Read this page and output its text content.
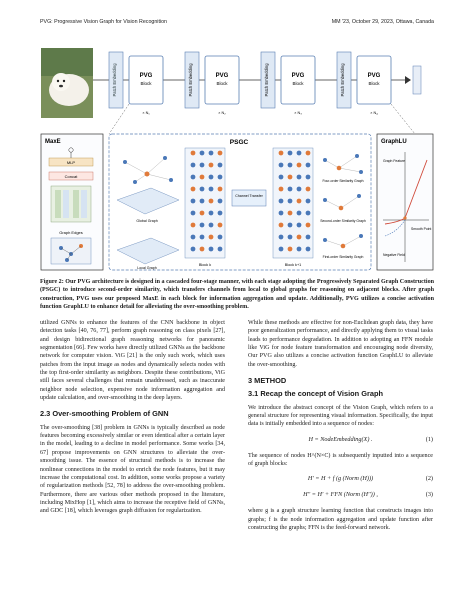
PVG: Progressive Vision Graph for Vision Recognition	MM '23, October 29, 2023, Ottawa, Canada
Patch Embedding	PVG
Block
× N₁
Patch Embedding	PVG
Block
× N₂
Patch Embedding	PVG
Block
× N₃
Patch Embedding	PVG
Block
× N₄
MaxE
MLP
Concat
Graph Edges
PSGC
Global Graph
Local Graph
Channel Transfer
Block k	Block k+1
Four-order Similarity Graph
Second-order Similarity Graph
First-order Similarity Graph
GraphLU
Smooth Point
Graph Feature
Negative Field
Figure 2: Our PVG architecture is designed in a cascaded four-stage manner, with each stage adopting the Progressively Separated Graph Construction (PSGC) to introduce second-order similarity, which transfers channels from local to global graphs for reasoning on adjacent blocks. After graph construction, PVG uses our proposed MaxE in each block for information aggregation and update. Additionally, PVG utilizes a concise activation function GraphLU to enhance detail for alleviating the over-smoothing problem.

utilized GNNs to enhance the features of the CNN backbone in object detection tasks [40, 76, 77], perform graph reasoning on class pixels [27], and design bidirectional graph reasoning networks for panoramic segmentation [66]. Few works have directly utilized GNNs as the backbone network for computer vision. ViG [21] is the only such work, which uses patches from the input image as nodes and dynamically selects nodes with the top first-order similarity as neighbors. Despite these contributions, ViG still faces several challenges that remain unaddressed, such as inaccurate neighbor node selection, expensive node information aggregation and update calculation, and over-smoothing in the deep layers.

2.3 Over-smoothing Problem of GNN

The over-smoothing [38] problem in GNNs is typically described as node features becoming excessively similar or even identical after a certain layer in the model, leading to a decline in model performance. Some works [34, 67] propose improvements on GNN structures to alleviate the over-smoothing issue. The essence of structural methods is to increase the nonlinear connections in the model to enrich the node features, but it may increase the computational cost. In addition, some works propose a variety of regularization methods [52, 78] to address the over-smoothing problem. Furthermore, there are various other methods proposed in the literature, including MixHop [1], which aims to increase the receptive field of GNNs, and GDC [18], which leverages graph diffusion for regularization.

While these methods are effective for non-Euclidean graph data, they have poor generalization performance, and directly applying them to visual tasks leads to performance degradation. In addition to adopting an FFN module like ViG for node feature transformation and encouraging node diversity, Our PVG also utilizes a concise activation function GraphLU to alleviate the over-smoothing.

3 METHOD
3.1 Recap the concept of Vision Graph

We introduce the abstract concept of the Vision Graph, which refers to a general structure for representing visual information. Specifically, the input data is initially embedded into a sequence of nodes:

H = NodeEmbedding(X) .	(1)

The sequence of nodes H^(N×C) is subsequently inputted into a sequence of graph blocks:

H' = H + f (g (Norm (H)))	(2)
H'' = H' + FFN (Norm (H'')) ,	(3)

where g is a graph structure learning function that constructs images into graphs; f is the node information aggregation and update function after constructing the graphs; FFN is the feed-forward network.
